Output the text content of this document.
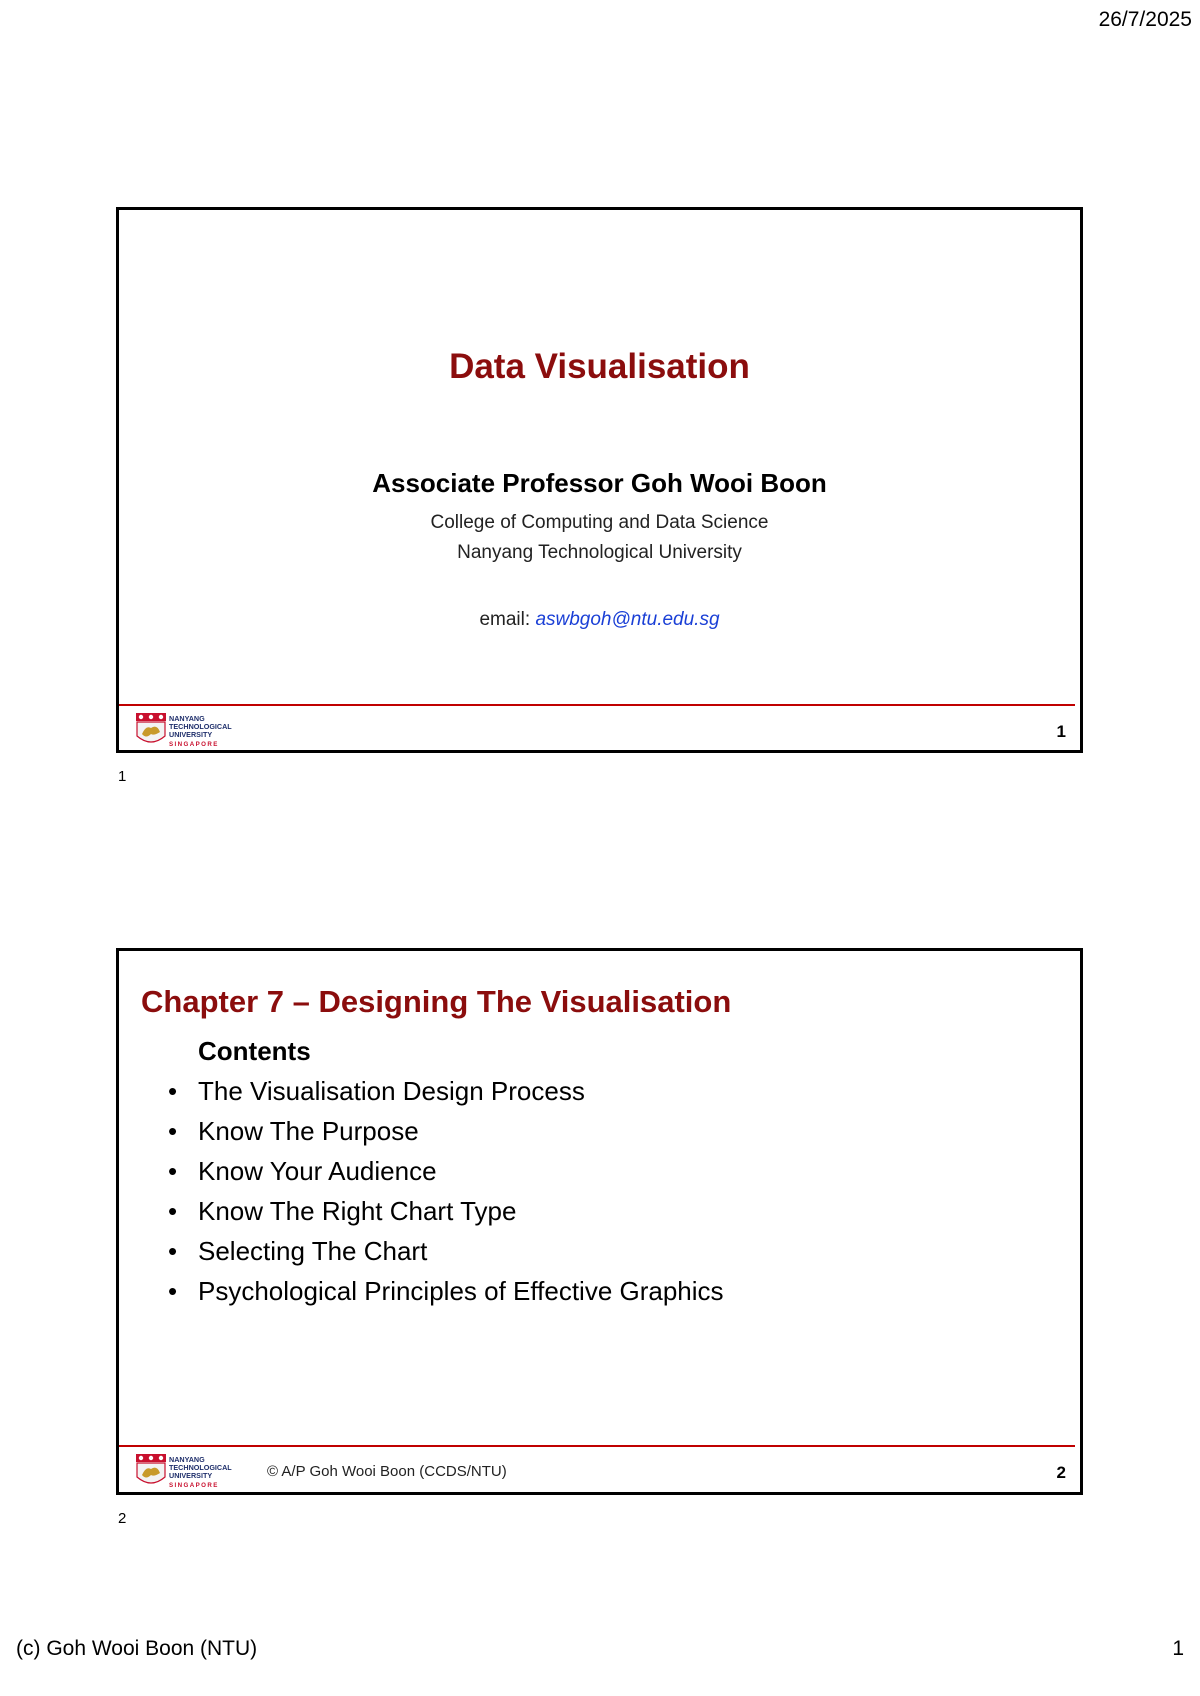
26/7/2025
Data Visualisation
Associate Professor Goh Wooi Boon
College of Computing and Data Science
Nanyang Technological University
email: aswbgoh@ntu.edu.sg
NANYANG
TECHNOLOGICAL
UNIVERSITY
SINGAPORE
1
1
Chapter 7 – Designing The Visualisation
Contents
• The Visualisation Design Process
• Know The Purpose
• Know Your Audience
• Know The Right Chart Type
• Selecting The Chart
• Psychological Principles of Effective Graphics
NANYANG
TECHNOLOGICAL
UNIVERSITY
SINGAPORE
© A/P Goh Wooi Boon (CCDS/NTU)	2
2
(c) Goh Wooi Boon (NTU)	1
